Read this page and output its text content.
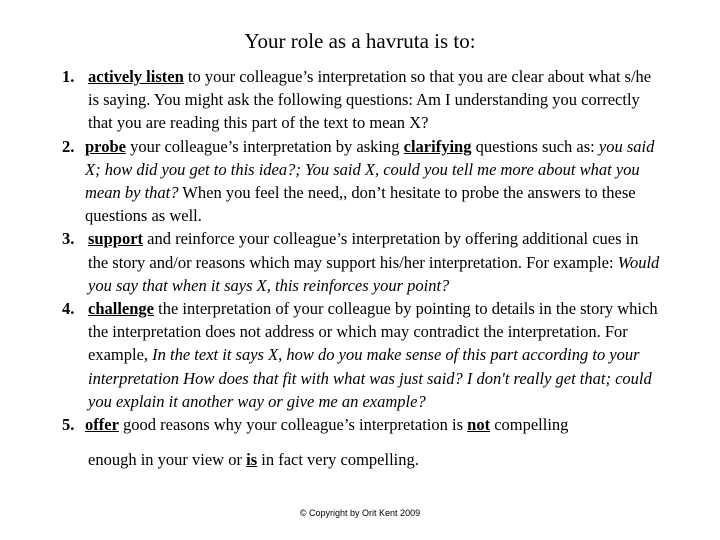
Your role as a havruta is to:
1. actively listen to your colleague’s interpretation so that you are clear about what s/he is saying. You might ask the following questions: Am I understanding you correctly that you are reading this part of the text to mean X?
2. probe your colleague’s interpretation by asking clarifying questions such as: you said X; how did you get to this idea?; You said X, could you tell me more about what you mean by that? When you feel the need,, don’t hesitate to probe the answers to these questions as well.
3. support and reinforce your colleague’s interpretation by offering additional cues in the story and/or reasons which may support his/her interpretation. For example: Would you say that when it says X, this reinforces your point?
4. challenge the interpretation of your colleague by pointing to details in the story which the interpretation does not address or which may contradict the interpretation. For example, In the text it says X, how do you make sense of this part according to your interpretation How does that fit with what was just said? I don't really get that; could you explain it another way or give me an example?
5. offer good reasons why your colleague’s interpretation is not compelling
enough in your view or is in fact very compelling.
© Copyright by Orit Kent 2009
